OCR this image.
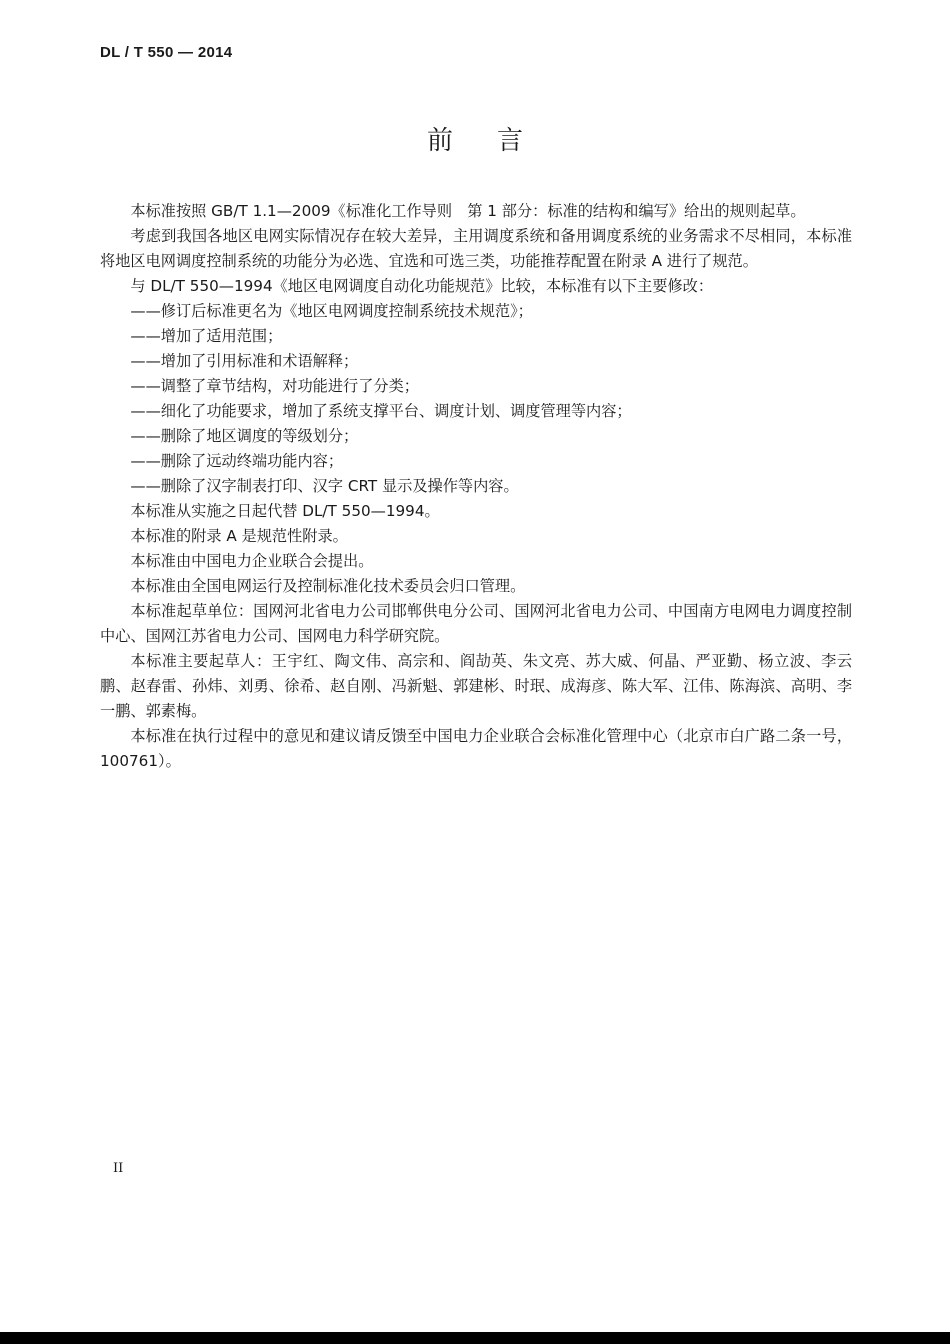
DL / T 550 — 2014
前言

本标准按照 GB/T 1.1—2009《标准化工作导则　第 1 部分：标准的结构和编写》给出的规则起草。

考虑到我国各地区电网实际情况存在较大差异，主用调度系统和备用调度系统的业务需求不尽相同，本标准将地区电网调度控制系统的功能分为必选、宜选和可选三类，功能推荐配置在附录 A 进行了规范。

与 DL/T 550—1994《地区电网调度自动化功能规范》比较，本标准有以下主要修改：

——修订后标准更名为《地区电网调度控制系统技术规范》；

——增加了适用范围；

——增加了引用标准和术语解释；

——调整了章节结构，对功能进行了分类；

——细化了功能要求，增加了系统支撑平台、调度计划、调度管理等内容；

——删除了地区调度的等级划分；

——删除了远动终端功能内容；

——删除了汉字制表打印、汉字 CRT 显示及操作等内容。

本标准从实施之日起代替 DL/T 550—1994。

本标准的附录 A 是规范性附录。

本标准由中国电力企业联合会提出。

本标准由全国电网运行及控制标准化技术委员会归口管理。

本标准起草单位：国网河北省电力公司邯郸供电分公司、国网河北省电力公司、中国南方电网电力调度控制中心、国网江苏省电力公司、国网电力科学研究院。

本标准主要起草人：王宇红、陶文伟、高宗和、阎劼英、朱文亮、苏大威、何晶、严亚勤、杨立波、李云鹏、赵春雷、孙炜、刘勇、徐希、赵自刚、冯新魁、郭建彬、时珉、成海彦、陈大军、江伟、陈海滨、高明、李一鹏、郭素梅。

本标准在执行过程中的意见和建议请反馈至中国电力企业联合会标准化管理中心（北京市白广路二条一号，100761）。

II
